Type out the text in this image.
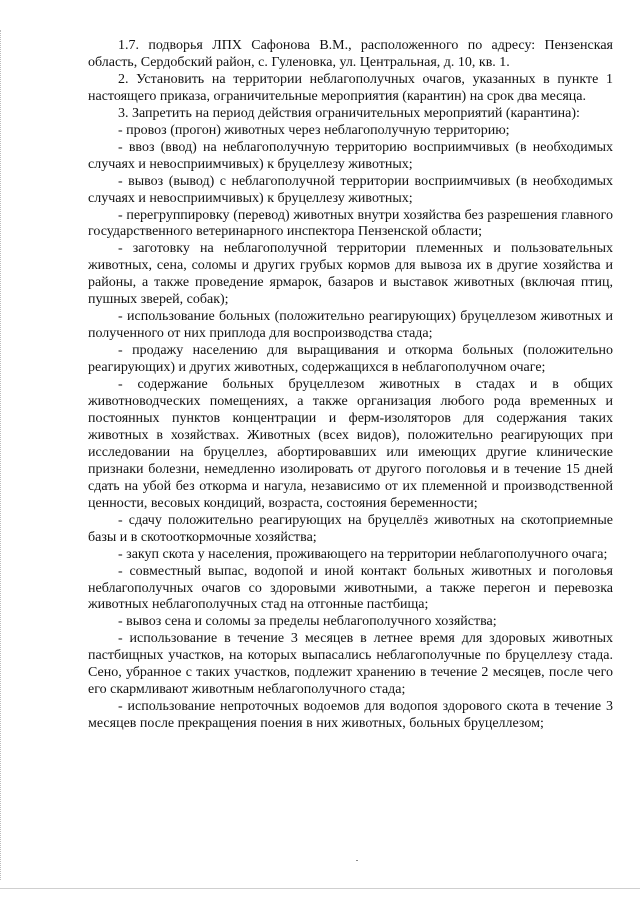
1.7. подворья ЛПХ Сафонова В.М., расположенного по адресу: Пензенская область, Сердобский район, с. Гуленовка, ул. Центральная, д. 10, кв. 1.

2. Установить на территории неблагополучных очагов, указанных в пункте 1 настоящего приказа, ограничительные мероприятия (карантин) на срок два месяца.

3. Запретить на период действия ограничительных мероприятий (карантина):

- провоз (прогон) животных через неблагополучную территорию;

- ввоз (ввод) на неблагополучную территорию восприимчивых (в необходимых случаях и невосприимчивых) к бруцеллезу животных;

- вывоз (вывод) с неблагополучной территории восприимчивых (в необходимых случаях и невосприимчивых) к бруцеллезу животных;

- перегруппировку (перевод) животных внутри хозяйства без разрешения главного государственного ветеринарного инспектора Пензенской области;

- заготовку на неблагополучной территории племенных и пользовательных животных, сена, соломы и других грубых кормов для вывоза их в другие хозяйства и районы, а также проведение ярмарок, базаров и выставок животных (включая птиц, пушных зверей, собак);

- использование больных (положительно реагирующих) бруцеллезом животных и полученного от них приплода для воспроизводства стада;

- продажу населению для выращивания и откорма больных (положительно реагирующих) и других животных, содержащихся в неблагополучном очаге;

- содержание больных бруцеллезом животных в стадах и в общих животноводческих помещениях, а также организация любого рода временных и постоянных пунктов концентрации и ферм-изоляторов для содержания таких животных в хозяйствах. Животных (всех видов), положительно реагирующих при исследовании на бруцеллез, абортировавших или имеющих другие клинические признаки болезни, немедленно изолировать от другого поголовья и в течение 15 дней сдать на убой без откорма и нагула, независимо от их племенной и производственной ценности, весовых кондиций, возраста, состояния беременности;

- сдачу положительно реагирующих на бруцеллёз животных на скотоприемные базы и в скотооткормочные хозяйства;

- закуп скота у населения, проживающего на территории неблагополучного очага;

- совместный выпас, водопой и иной контакт больных животных и поголовья неблагополучных очагов со здоровыми животными, а также перегон и перевозка животных неблагополучных стад на отгонные пастбища;

- вывоз сена и соломы за пределы неблагополучного хозяйства;

- использование в течение 3 месяцев в летнее время для здоровых животных пастбищных участков, на которых выпасались неблагополучные по бруцеллезу стада. Сено, убранное с таких участков, подлежит хранению в течение 2 месяцев, после чего его скармливают животным неблагополучного стада;

- использование непроточных водоемов для водопоя здорового скота в течение 3 месяцев после прекращения поения в них животных, больных бруцеллезом;
